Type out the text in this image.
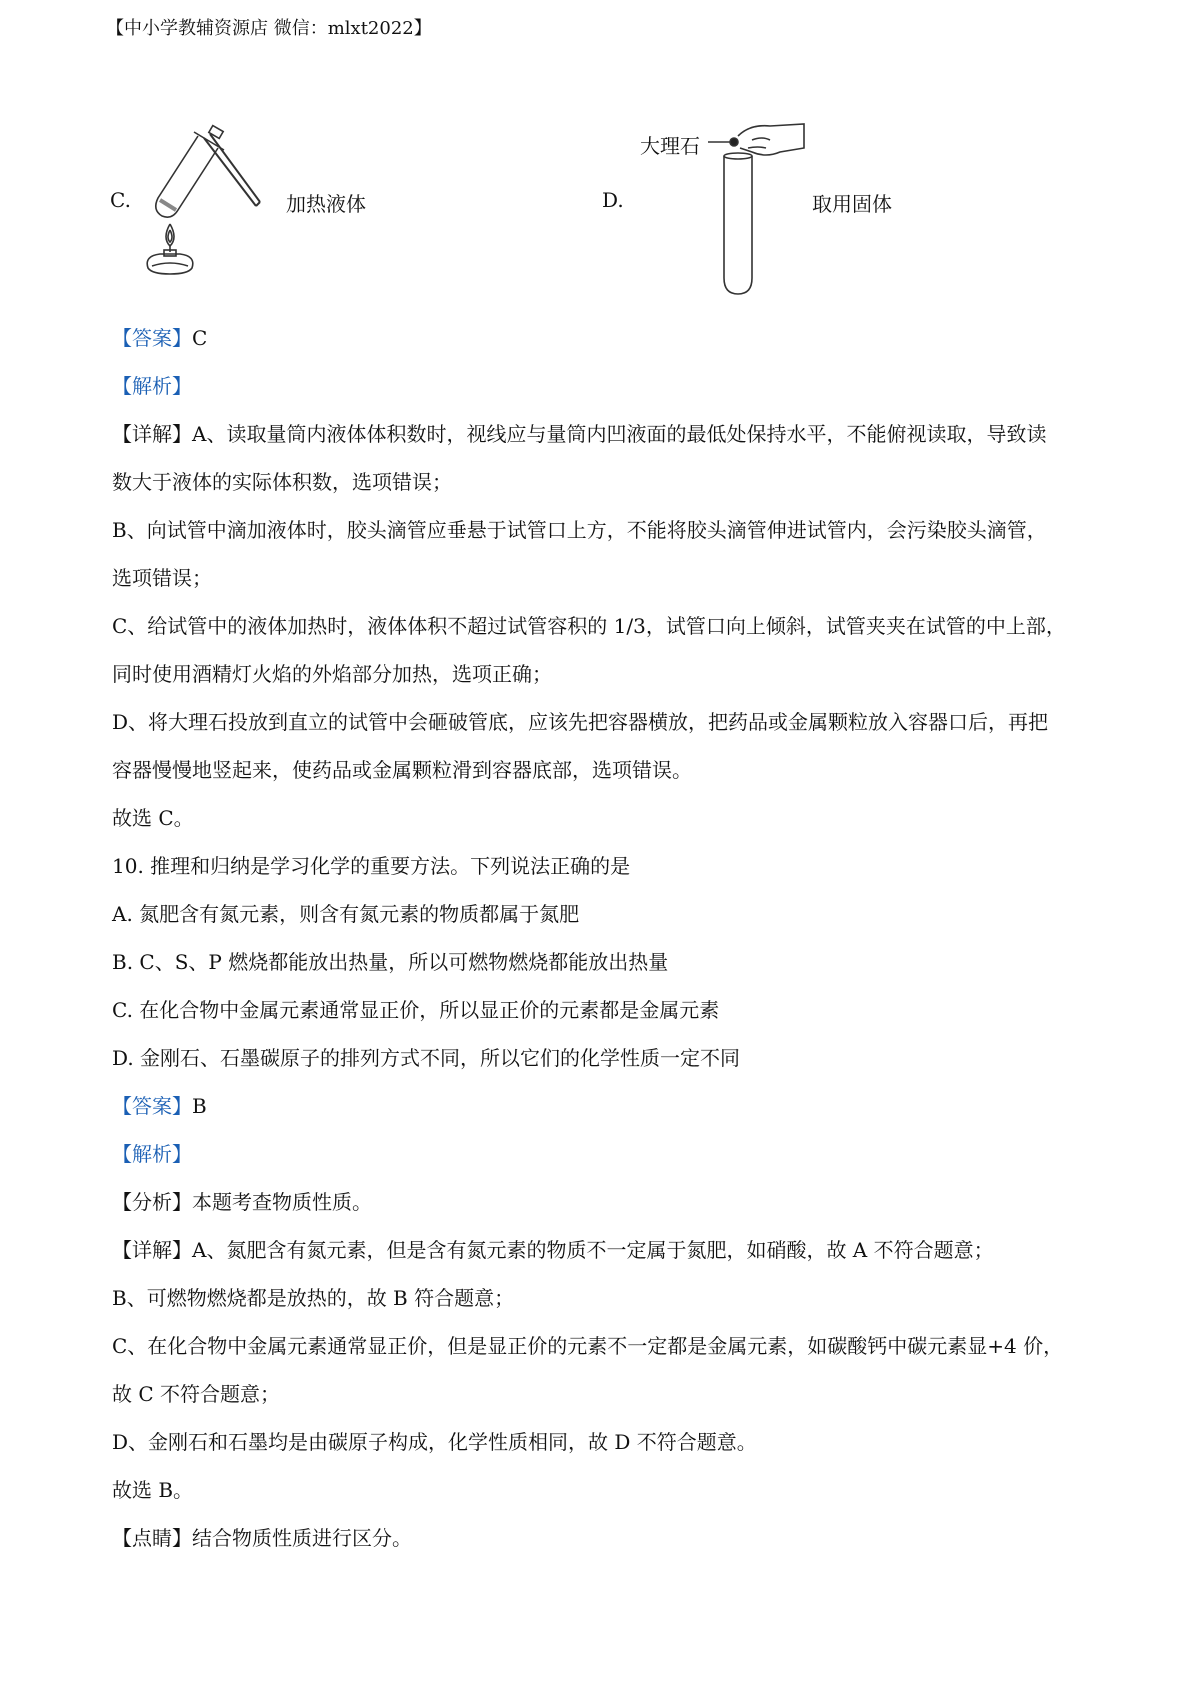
【中小学教辅资源店 微信：mlxt2022】
C.	加热液体	D.
大理石
取用固体
【答案】C
【解析】
【详解】A、读取量筒内液体体积数时，视线应与量筒内凹液面的最低处保持水平，不能俯视读取，导致读
数大于液体的实际体积数，选项错误；
B、向试管中滴加液体时，胶头滴管应垂悬于试管口上方，不能将胶头滴管伸进试管内，会污染胶头滴管，
选项错误；
C、给试管中的液体加热时，液体体积不超过试管容积的 1/3，试管口向上倾斜，试管夹夹在试管的中上部，
同时使用酒精灯火焰的外焰部分加热，选项正确；
D、将大理石投放到直立的试管中会砸破管底，应该先把容器横放，把药品或金属颗粒放入容器口后，再把
容器慢慢地竖起来，使药品或金属颗粒滑到容器底部，选项错误。
故选 C。
10. 推理和归纳是学习化学的重要方法。下列说法正确的是
A. 氮肥含有氮元素，则含有氮元素的物质都属于氮肥
B. C、S、P 燃烧都能放出热量，所以可燃物燃烧都能放出热量
C. 在化合物中金属元素通常显正价，所以显正价的元素都是金属元素
D. 金刚石、石墨碳原子的排列方式不同，所以它们的化学性质一定不同
【答案】B
【解析】
【分析】本题考查物质性质。
【详解】A、氮肥含有氮元素，但是含有氮元素的物质不一定属于氮肥，如硝酸，故 A 不符合题意；
B、可燃物燃烧都是放热的，故 B 符合题意；
C、在化合物中金属元素通常显正价，但是显正价的元素不一定都是金属元素，如碳酸钙中碳元素显+4 价，
故 C 不符合题意；
D、金刚石和石墨均是由碳原子构成，化学性质相同，故 D 不符合题意。
故选 B。
【点睛】结合物质性质进行区分。
